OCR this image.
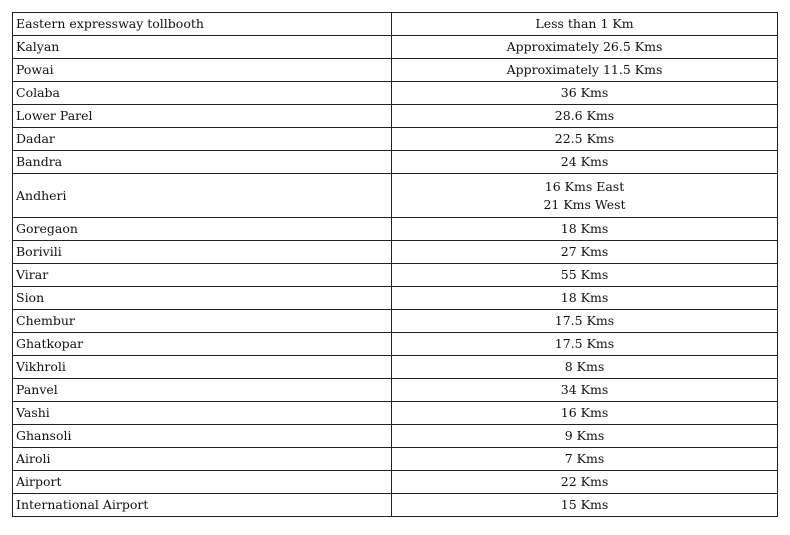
Eastern expressway tollbooth	Less than 1 Km

Kalyan	Approximately 26.5 Kms

Powai	Approximately 11.5 Kms

Colaba	36 Kms

Lower Parel	28.6 Kms

Dadar	22.5 Kms

Bandra	24 Kms

Andheri	16 Kms East
21 Kms West

Goregaon	18 Kms

Borivili	27 Kms

Virar	55 Kms

Sion	18 Kms

Chembur	17.5 Kms

Ghatkopar	17.5 Kms

Vikhroli	8 Kms

Panvel	34 Kms

Vashi	16 Kms

Ghansoli	9 Kms

Airoli	7 Kms

Airport	22 Kms

International Airport	15 Kms
